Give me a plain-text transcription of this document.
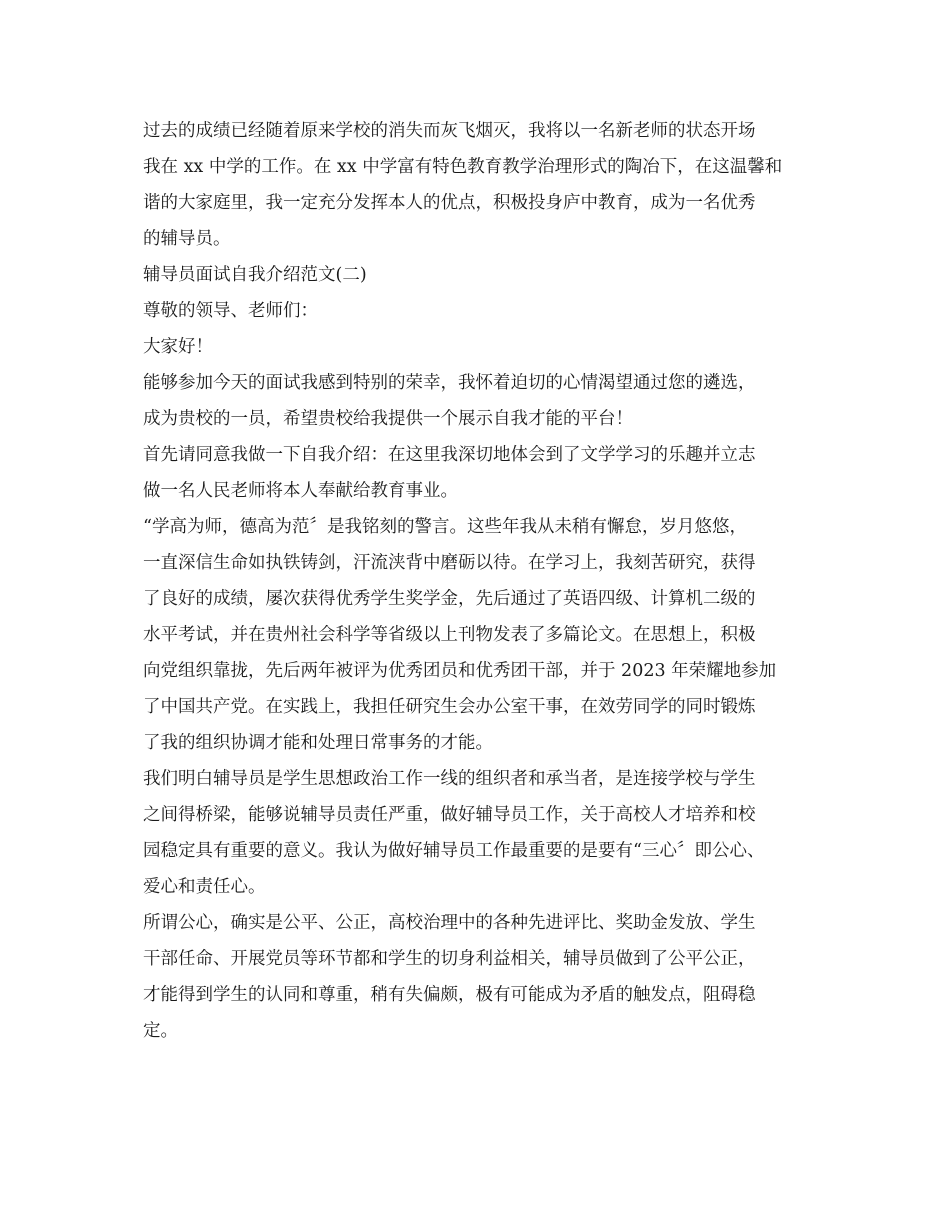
过去的成绩已经随着原来学校的消失而灰飞烟灭，我将以一名新老师的状态开场
我在 xx 中学的工作。在 xx 中学富有特色教育教学治理形式的陶冶下，在这温馨和
谐的大家庭里，我一定充分发挥本人的优点，积极投身庐中教育，成为一名优秀
的辅导员。

辅导员面试自我介绍范文(二)

尊敬的领导、老师们：

大家好！

能够参加今天的面试我感到特别的荣幸，我怀着迫切的心情渴望通过您的遴选，
成为贵校的一员，希望贵校给我提供一个展示自我才能的平台！

首先请同意我做一下自我介绍：在这里我深切地体会到了文学学习的乐趣并立志
做一名人民老师将本人奉献给教育事业。

“学高为师，德高为范〞是我铭刻的警言。这些年我从未稍有懈怠，岁月悠悠，
一直深信生命如执铁铸剑，汗流浃背中磨砺以待。在学习上，我刻苦研究，获得
了良好的成绩，屡次获得优秀学生奖学金，先后通过了英语四级、计算机二级的
水平考试，并在贵州社会科学等省级以上刊物发表了多篇论文。在思想上，积极
向党组织靠拢，先后两年被评为优秀团员和优秀团干部，并于 2023 年荣耀地参加
了中国共产党。在实践上，我担任研究生会办公室干事，在效劳同学的同时锻炼
了我的组织协调才能和处理日常事务的才能。

我们明白辅导员是学生思想政治工作一线的组织者和承当者，是连接学校与学生
之间得桥梁，能够说辅导员责任严重，做好辅导员工作，关于高校人才培养和校
园稳定具有重要的意义。我认为做好辅导员工作最重要的是要有“三心〞即公心、
爱心和责任心。

所谓公心，确实是公平、公正，高校治理中的各种先进评比、奖助金发放、学生
干部任命、开展党员等环节都和学生的切身利益相关，辅导员做到了公平公正，
才能得到学生的认同和尊重，稍有失偏颇，极有可能成为矛盾的触发点，阻碍稳
定。
